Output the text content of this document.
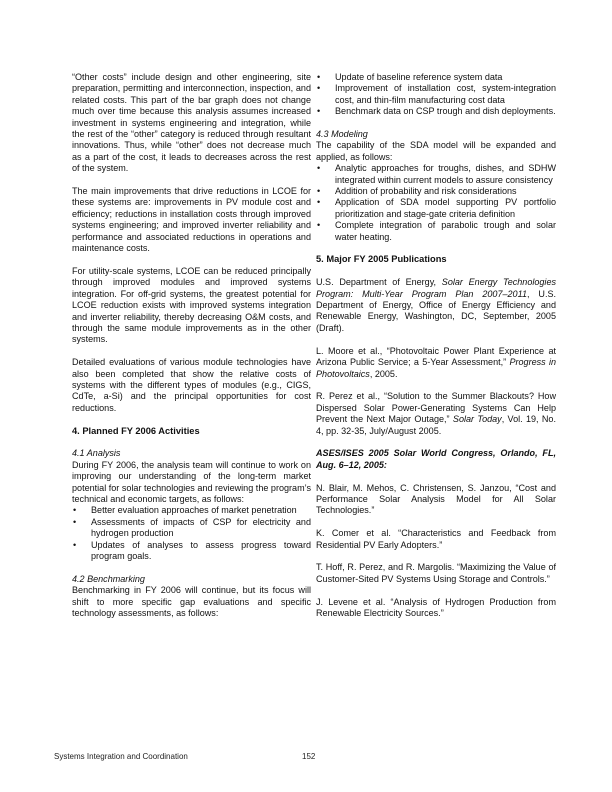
“Other costs” include design and other engineering, site preparation, permitting and interconnection, inspection, and related costs. This part of the bar graph does not change much over time because this analysis assumes increased investment in systems engineering and integration, while the rest of the “other” category is reduced through resultant innovations. Thus, while “other” does not decrease much as a part of the cost, it leads to decreases across the rest of the system.

The main improvements that drive reductions in LCOE for these systems are: improvements in PV module cost and efficiency; reductions in installation costs through improved systems engineering; and improved inverter reliability and performance and associated reductions in operations and maintenance costs.

For utility-scale systems, LCOE can be reduced principally through improved modules and improved systems integration. For off-grid systems, the greatest potential for LCOE reduction exists with improved systems integration and inverter reliability, thereby decreasing O&M costs, and through the same module improvements as in the other systems.

Detailed evaluations of various module technologies have also been completed that show the relative costs of systems with the different types of modules (e.g., CIGS, CdTe, a-Si) and the principal opportunities for cost reductions.

4. Planned FY 2006 Activities
4.1 Analysis

During FY 2006, the analysis team will continue to work on improving our understanding of the long-term market potential for solar technologies and reviewing the program’s technical and economic targets, as follows:

• Better evaluation approaches of market penetration
• Assessments of impacts of CSP for electricity and hydrogen production
• Updates of analyses to assess progress toward program goals.
4.2 Benchmarking

Benchmarking in FY 2006 will continue, but its focus will shift to more specific gap evaluations and specific technology assessments, as follows:

• Update of baseline reference system data
• Improvement of installation cost, system-integration cost, and thin-film manufacturing cost data
• Benchmark data on CSP trough and dish deployments.
4.3 Modeling

The capability of the SDA model will be expanded and applied, as follows:

• Analytic approaches for troughs, dishes, and SDHW integrated within current models to assure consistency
• Addition of probability and risk considerations
• Application of SDA model supporting PV portfolio prioritization and stage-gate criteria definition
• Complete integration of parabolic trough and solar water heating.
5. Major FY 2005 Publications

U.S. Department of Energy, Solar Energy Technologies Program: Multi-Year Program Plan 2007–2011, U.S. Department of Energy, Office of Energy Efficiency and Renewable Energy, Washington, DC, September, 2005 (Draft).

L. Moore et al., “Photovoltaic Power Plant Experience at Arizona Public Service; a 5-Year Assessment,” Progress in Photovoltaics, 2005.

R. Perez et al., “Solution to the Summer Blackouts? How Dispersed Solar Power-Generating Systems Can Help Prevent the Next Major Outage,” Solar Today, Vol. 19, No. 4, pp. 32-35, July/August 2005.

ASES/ISES 2005 Solar World Congress, Orlando, FL, Aug. 6–12, 2005:

N. Blair, M. Mehos, C. Christensen, S. Janzou, “Cost and Performance Solar Analysis Model for All Solar Technologies.”

K. Comer et al. “Characteristics and Feedback from Residential PV Early Adopters.”

T. Hoff, R. Perez, and R. Margolis. “Maximizing the Value of Customer-Sited PV Systems Using Storage and Controls.”

J. Levene et al. “Analysis of Hydrogen Production from Renewable Electricity Sources.”

Systems Integration and Coordination	152
